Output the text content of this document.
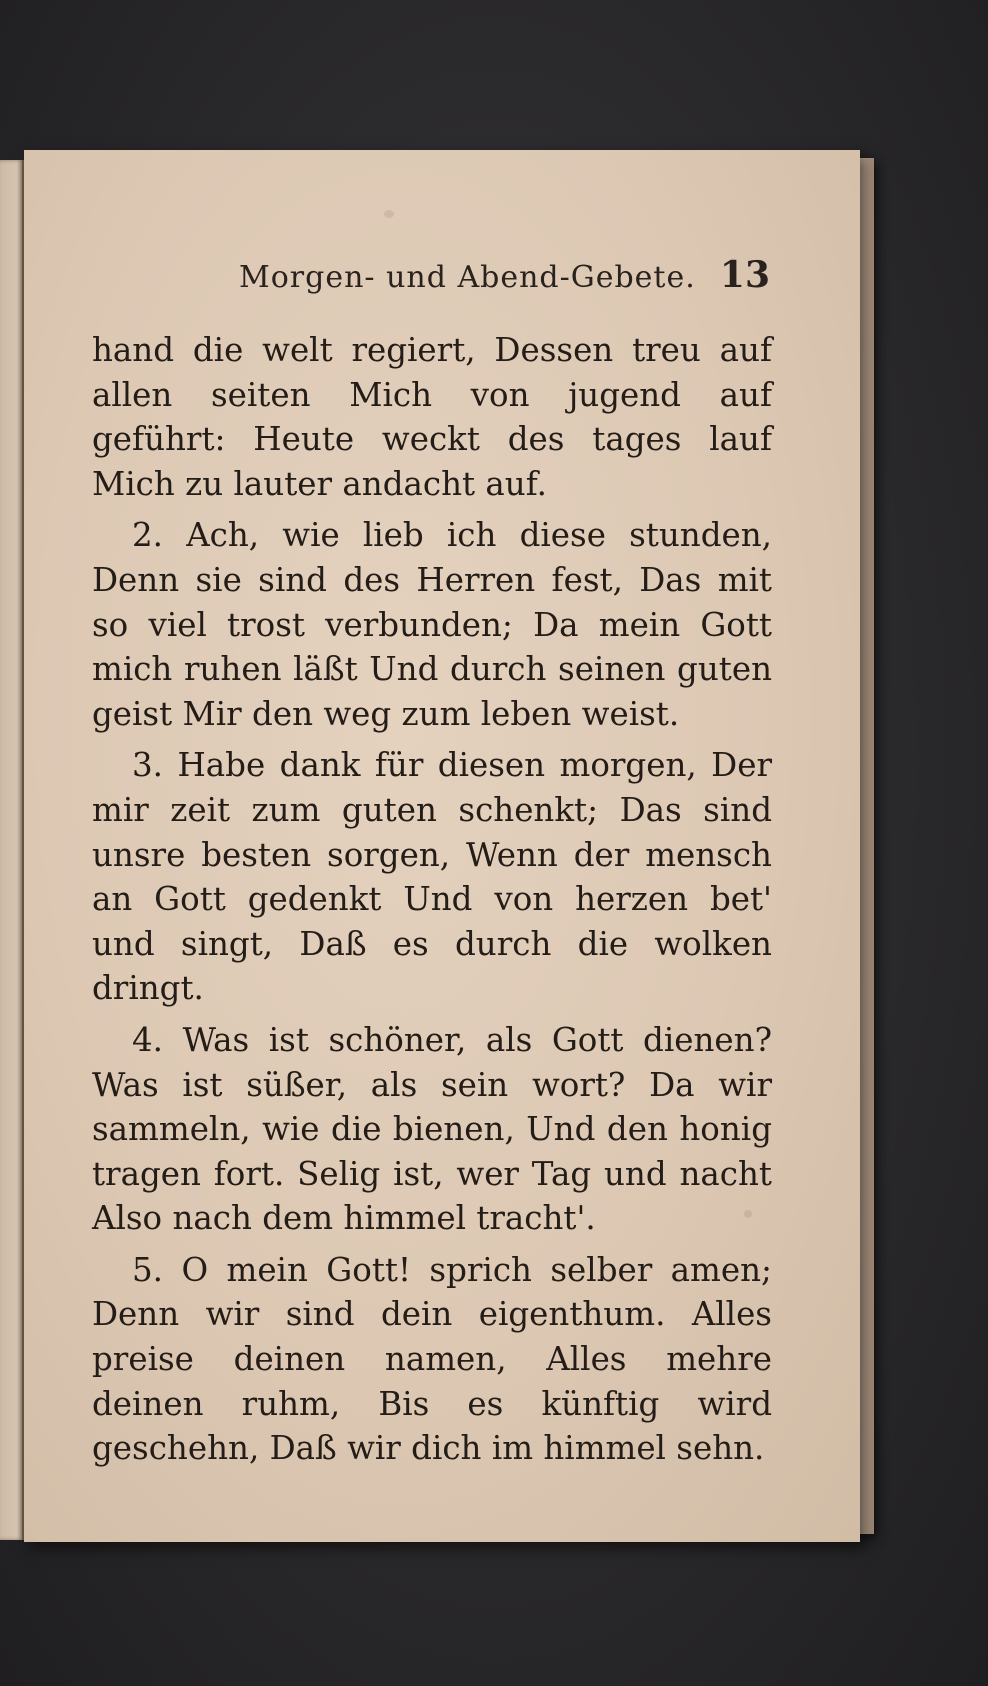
Morgen- und Abend-Gebete. 13

hand die welt regiert, Dessen treu auf allen seiten Mich von jugend auf geführt: Heute weckt des tages lauf Mich zu lauter andacht auf.

2. Ach, wie lieb ich diese stunden, Denn sie sind des Herren fest, Das mit so viel trost verbunden; Da mein Gott mich ruhen läßt Und durch seinen guten geist Mir den weg zum leben weist.

3. Habe dank für diesen morgen, Der mir zeit zum guten schenkt; Das sind unsre besten sorgen, Wenn der mensch an Gott gedenkt Und von herzen bet' und singt, Daß es durch die wolken dringt.

4. Was ist schöner, als Gott dienen? Was ist süßer, als sein wort? Da wir sammeln, wie die bienen, Und den honig tragen fort. Selig ist, wer Tag und nacht Also nach dem himmel tracht'.

5. O mein Gott! sprich selber amen; Denn wir sind dein eigenthum. Alles preise deinen namen, Alles mehre deinen ruhm, Bis es künftig wird geschehn, Daß wir dich im himmel sehn.
